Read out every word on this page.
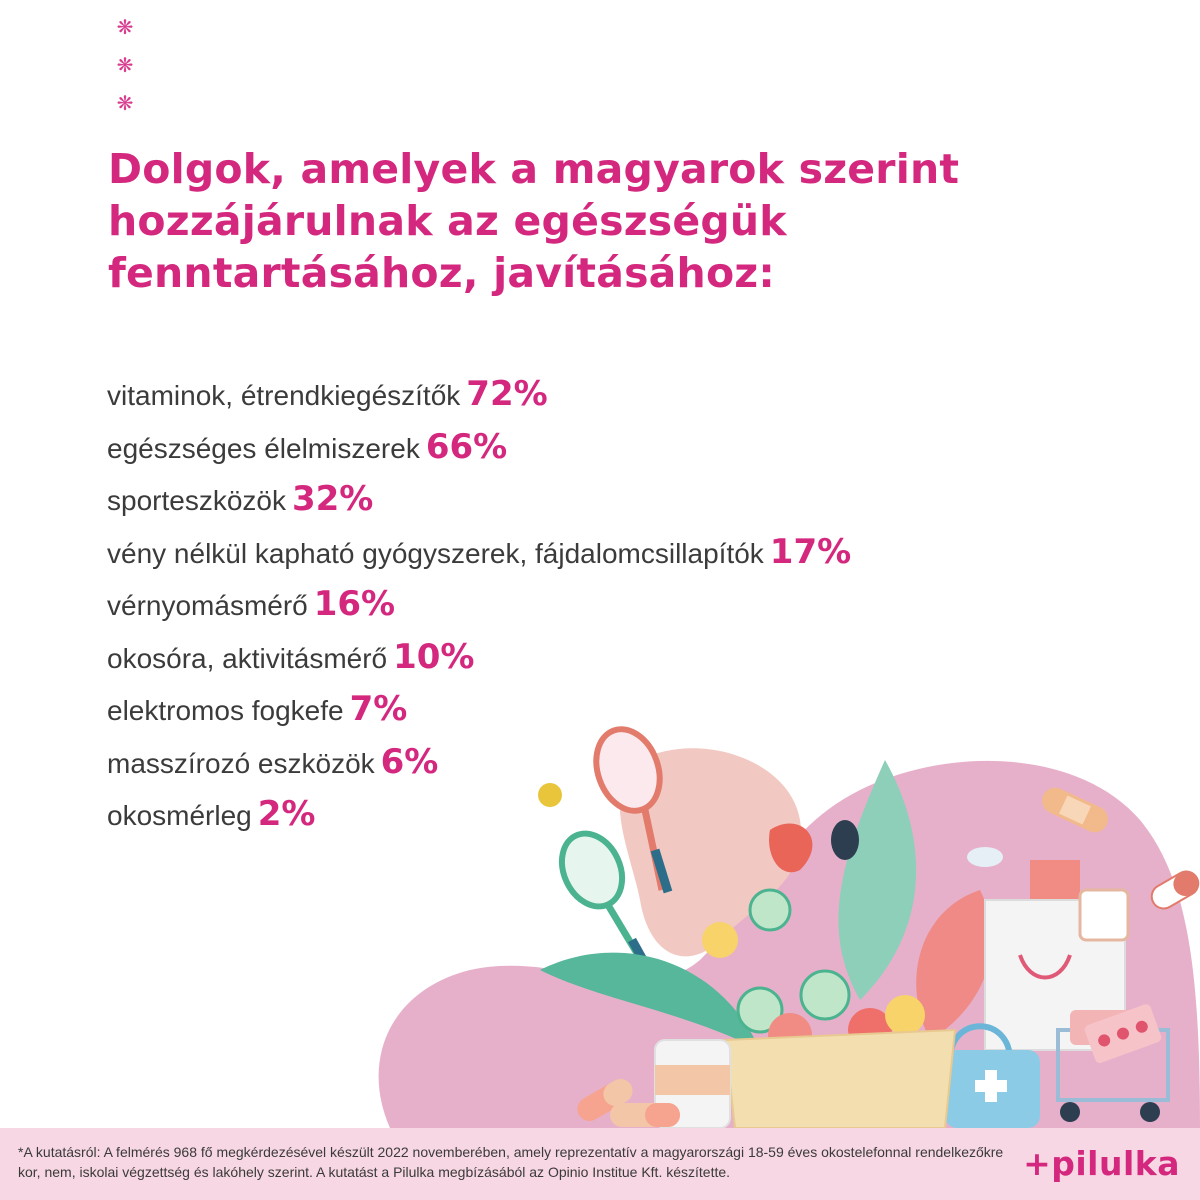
❋
❋
❋
Dolgok, amelyek a magyarok szerint hozzájárulnak az egészségük fenntartásához, javításához:
vitaminok, étrendkiegészítők 72%
egészséges élelmiszerek 66%
sporteszközök 32%
vény nélkül kapható gyógyszerek, fájdalomcsillapítók 17%
vérnyomásmérő 16%
okosóra, aktivitásmérő 10%
elektromos fogkefe 7%
masszírozó eszközök 6%
okosmérleg 2%

*A kutatásról: A felmérés 968 fő megkérdezésével készült 2022 novemberében, amely reprezentatív a magyarországi 18-59 éves okostelefonnal rendelkezőkre kor, nem, iskolai végzettség és lakóhely szerint. A kutatást a Pilulka megbízásából az Opinio Institue Kft. készítette.	+pilulka
